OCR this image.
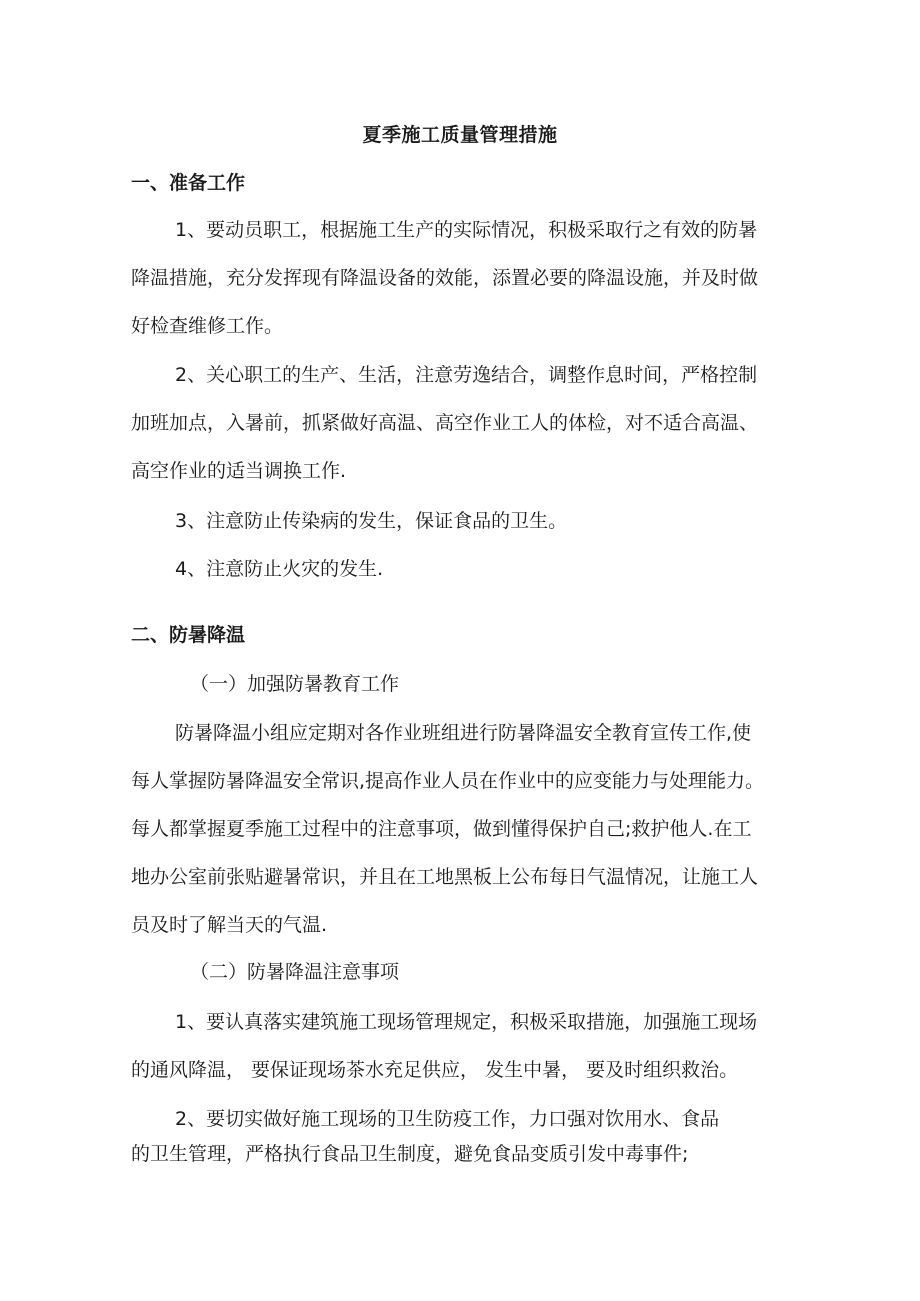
夏季施工质量管理措施
一、准备工作
1、要动员职工，根据施工生产的实际情况，积极采取行之有效的防暑
降温措施，充分发挥现有降温设备的效能，添置必要的降温设施，并及时做
好检查维修工作。
2、关心职工的生产、生活，注意劳逸结合，调整作息时间，严格控制
加班加点，入暑前，抓紧做好高温、高空作业工人的体检，对不适合高温、
高空作业的适当调换工作.
3、注意防止传染病的发生，保证食品的卫生。
4、注意防止火灾的发生.
二、防暑降温
（一）加强防暑教育工作
防暑降温小组应定期对各作业班组进行防暑降温安全教育宣传工作,使
每人掌握防暑降温安全常识,提高作业人员在作业中的应变能力与处理能力。
每人都掌握夏季施工过程中的注意事项，做到懂得保护自己;救护他人.在工
地办公室前张贴避暑常识，并且在工地黑板上公布每日气温情况，让施工人
员及时了解当天的气温.
（二）防暑降温注意事项
1、要认真落实建筑施工现场管理规定，积极采取措施，加强施工现场
的通风降温， 要保证现场茶水充足供应， 发生中暑， 要及时组织救治。
2、要切实做好施工现场的卫生防疫工作，力口强对饮用水、食品
的卫生管理，严格执行食品卫生制度，避免食品变质引发中毒事件;
